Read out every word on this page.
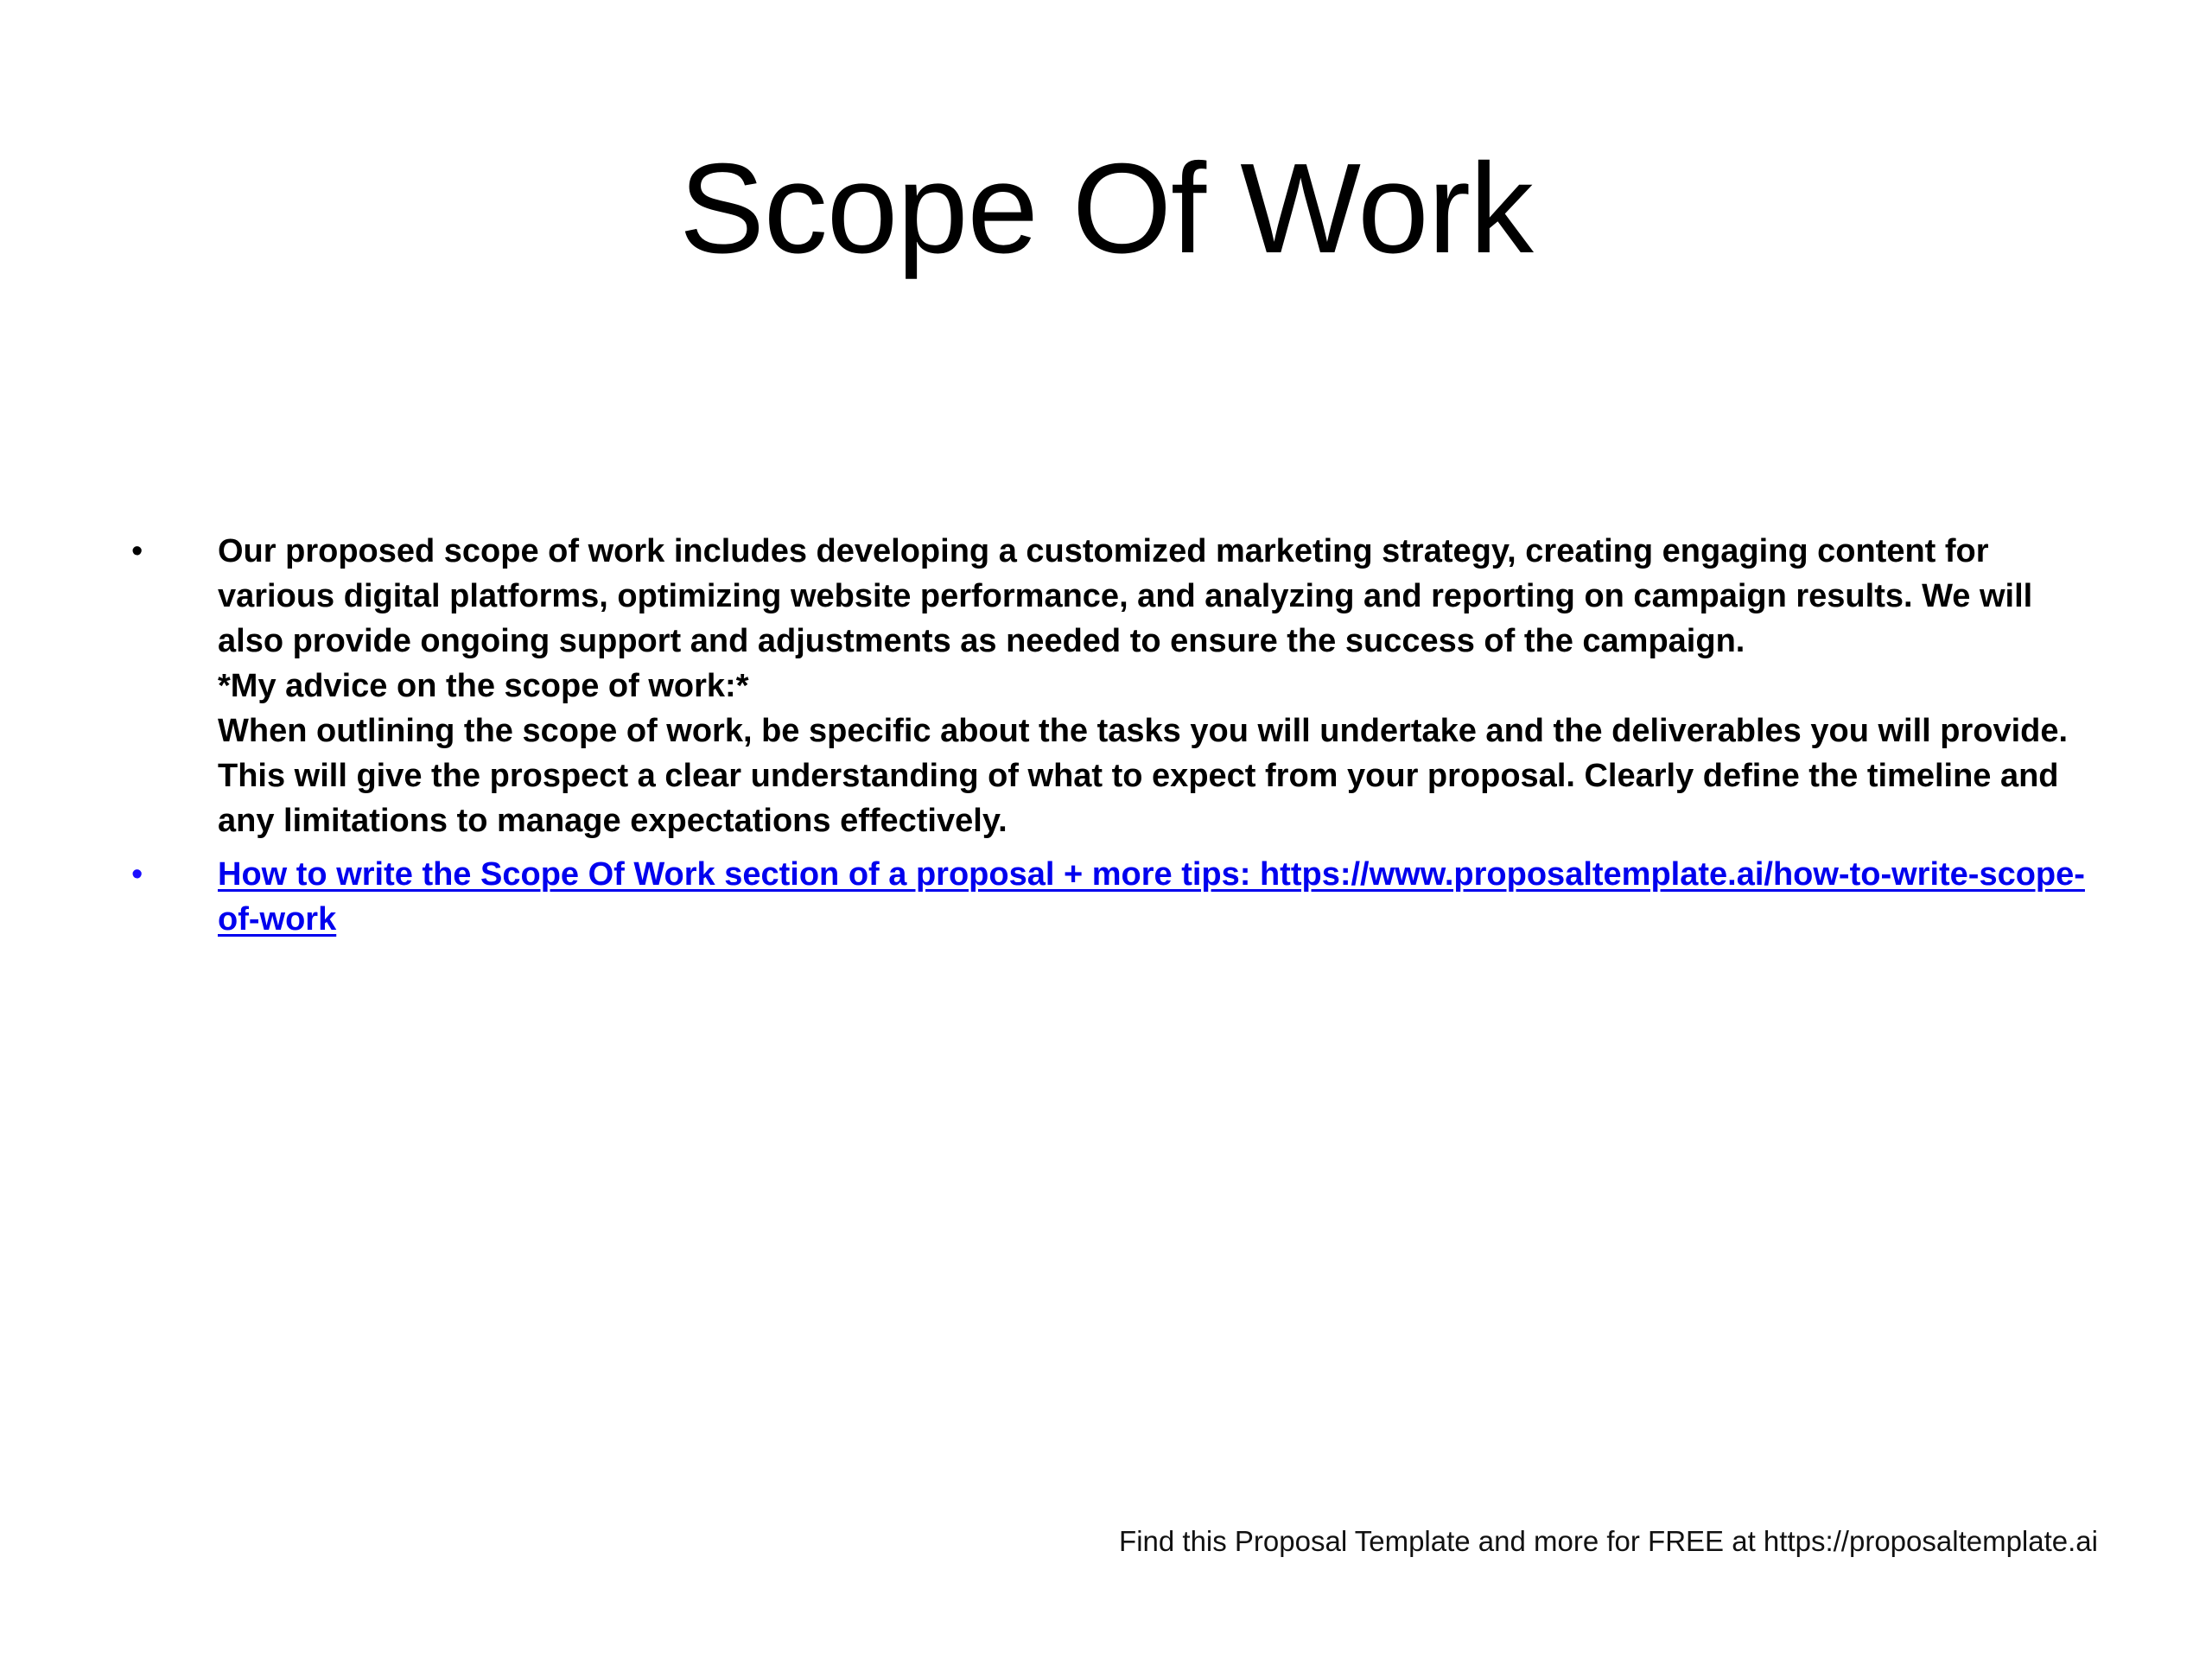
Scope Of Work
• Our proposed scope of work includes developing a customized marketing strategy, creating engaging content for various digital platforms, optimizing website performance, and analyzing and reporting on campaign results. We will also provide ongoing support and adjustments as needed to ensure the success of the campaign.
*My advice on the scope of work:*
When outlining the scope of work, be specific about the tasks you will undertake and the deliverables you will provide. This will give the prospect a clear understanding of what to expect from your proposal. Clearly define the timeline and any limitations to manage expectations effectively.
• How to write the Scope Of Work section of a proposal + more tips: https://www.proposaltemplate.ai/how-to-write-scope-of-work

Find this Proposal Template and more for FREE at https://proposaltemplate.ai
